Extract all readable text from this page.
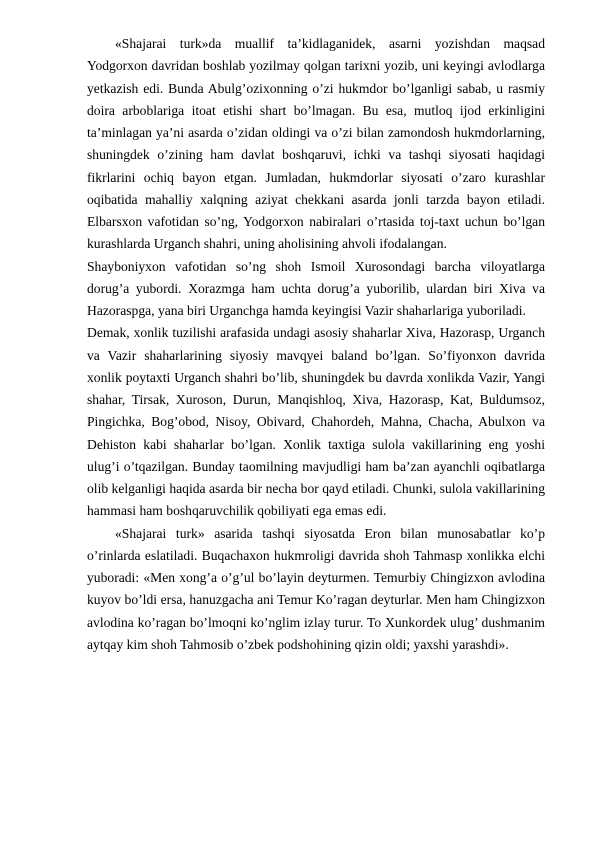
«Shajarai turk»da muallif ta’kidlaganidek, asarni yozishdan maqsad Yodgorxon davridan boshlab yozilmay qolgan tarixni yozib, uni keyingi avlodlarga yetkazish edi. Bunda Abulg’ozixonning o’zi hukmdor bo’lganligi sabab, u rasmiy doira arboblariga itoat etishi shart bo’lmagan. Bu esa, mutloq ijod erkinligini ta’minlagan ya’ni asarda o’zidan oldingi va o’zi bilan zamondosh hukmdorlarning, shuningdek o’zining ham davlat boshqaruvi, ichki va tashqi siyosati haqidagi fikrlarini ochiq bayon etgan. Jumladan, hukmdorlar siyosati o’zaro kurashlar oqibatida mahalliy xalqning aziyat chekkani asarda jonli tarzda bayon etiladi. Elbarsxon vafotidan so’ng, Yodgorxon nabiralari o’rtasida toj-taxt uchun bo’lgan kurashlarda Urganch shahri, uning aholisining ahvoli ifodalangan.

Shayboniyxon vafotidan so’ng shoh Ismoil Xurosondagi barcha viloyatlarga dorug’a yubordi. Xorazmga ham uchta dorug’a yuborilib, ulardan biri Xiva va Hazoraspga, yana biri Urganchga hamda keyingisi Vazir shaharlariga yuboriladi.

Demak, xonlik tuzilishi arafasida undagi asosiy shaharlar Xiva, Hazorasp, Urganch va Vazir shaharlarining siyosiy mavqyei baland bo’lgan. So’fiyonxon davrida xonlik poytaxti Urganch shahri bo’lib, shuningdek bu davrda xonlikda Vazir, Yangi shahar, Tirsak, Xuroson, Durun, Manqishloq, Xiva, Hazorasp, Kat, Buldumsoz, Pingichka, Bog’obod, Nisoy, Obivard, Chahordeh, Mahna, Chacha, Abulxon va Dehiston kabi shaharlar bo’lgan. Xonlik taxtiga sulola vakillarining eng yoshi ulug’i o’tqazilgan. Bunday taomilning mavjudligi ham ba’zan ayanchli oqibatlarga olib kelganligi haqida asarda bir necha bor qayd etiladi. Chunki, sulola vakillarining hammasi ham boshqaruvchilik qobiliyati ega emas edi.

«Shajarai turk» asarida tashqi siyosatda Eron bilan munosabatlar ko’p o’rinlarda eslatiladi. Buqachaxon hukmroligi davrida shoh Tahmasp xonlikka elchi yuboradi: «Men xong’a o’g’ul bo’layin deyturmen. Temurbiy Chingizxon avlodina kuyov bo’ldi ersa, hanuzgacha ani Temur Ko’ragan deyturlar. Men ham Chingizxon avlodina ko’ragan bo’lmoqni ko’nglim izlay turur. To Xunkordek ulug’ dushmanim aytqay kim shoh Tahmosib o’zbek podshohining qizin oldi; yaxshi yarashdi».
